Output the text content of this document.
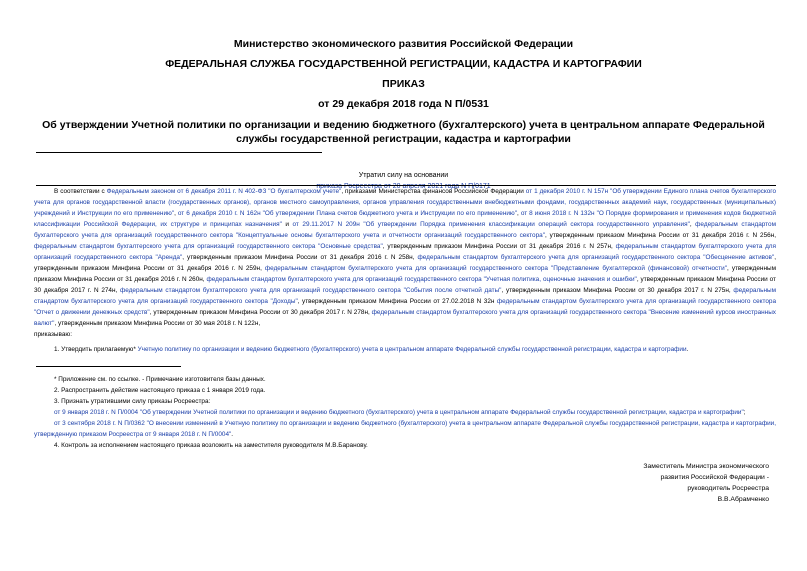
Министерство экономического развития Российской Федерации
ФЕДЕРАЛЬНАЯ СЛУЖБА ГОСУДАРСТВЕННОЙ РЕГИСТРАЦИИ, КАДАСТРА И КАРТОГРАФИИ
ПРИКАЗ
от 29 декабря 2018 года N П/0531
Об утверждении Учетной политики по организации и ведению бюджетного (бухгалтерского) учета в центральном аппарате Федеральной службы государственной регистрации, кадастра и картографии
Утратил силу на основании
приказа Росреестра от 20 апреля 2021 года N П/0171

В соответствии с Федеральным законом от 6 декабря 2011 г. N 402-ФЗ "О бухгалтерском учете", приказами Министерства финансов Российской Федерации от 1 декабря 2010 г. N 157н "Об утверждении Единого плана счетов бухгалтерского учета для органов государственной власти (государственных органов), органов местного самоуправления, органов управления государственными внебюджетными фондами, государственных академий наук, государственных (муниципальных) учреждений и Инструкции по его применению", от 6 декабря 2010 г. N 162н "Об утверждении Плана счетов бюджетного учета и Инструкции по его применению", от 8 июня 2018 г. N 132н "О Порядке формирования и применения кодов бюджетной классификации Российской Федерации, их структуре и принципах назначения" и от 29.11.2017 N 209н "Об утверждении Порядка применения классификации операций сектора государственного управления", федеральным стандартом бухгалтерского учета для организаций государственного сектора "Концептуальные основы бухгалтерского учета и отчетности организаций государственного сектора", утвержденным приказом Минфина России от 31 декабря 2016 г. N 256н, федеральным стандартом бухгалтерского учета для организаций государственного сектора "Основные средства", утвержденным приказом Минфина России от 31 декабря 2016 г. N 257н, федеральным стандартом бухгалтерского учета для организаций государственного сектора "Аренда", утвержденным приказом Минфина России от 31 декабря 2016 г. N 258н, федеральным стандартом бухгалтерского учета для организаций государственного сектора "Обесценение активов", утвержденным приказом Минфина России от 31 декабря 2016 г. N 259н, федеральным стандартом бухгалтерского учета для организаций государственного сектора "Представление бухгалтерской (финансовой) отчетности", утвержденным приказом Минфина России от 31 декабря 2016 г. N 260н, федеральным стандартом бухгалтерского учета для организаций государственного сектора "Учетная политика, оценочные значения и ошибки", утвержденным приказом Минфина России от 30 декабря 2017 г. N 274н, федеральным стандартом бухгалтерского учета для организаций государственного сектора "События после отчетной даты", утвержденным приказом Минфина России от 30 декабря 2017 г. N 275н, федеральным стандартом бухгалтерского учета для организаций государственного сектора "Доходы", утвержденным приказом Минфина России от 27.02.2018 N 32н федеральным стандартом бухгалтерского учета для организаций государственного сектора "Отчет о движении денежных средств", утвержденным приказом Минфина России от 30 декабря 2017 г. N 278н, федеральным стандартом бухгалтерского учета для организаций государственного сектора "Внесение изменений курсов иностранных валют", утвержденным приказом Минфина России от 30 мая 2018 г. N 122н,

приказываю:

1. Утвердить прилагаемую* Учетную политику по организации и ведению бюджетного (бухгалтерского) учета в центральном аппарате Федеральной службы государственной регистрации, кадастра и картографии.

* Приложение см. по ссылке. - Примечание изготовителя базы данных.

2. Распространить действие настоящего приказа с 1 января 2019 года.

3. Признать утратившими силу приказы Росреестра:

от 9 января 2018 г. N П/0004 "Об утверждении Учетной политики по организации и ведению бюджетного (бухгалтерского) учета в центральном аппарате Федеральной службы государственной регистрации, кадастра и картографии";

от 3 сентября 2018 г. N П/0362 "О внесении изменений в Учетную политику по организации и ведению бюджетного (бухгалтерского) учета в центральном аппарате Федеральной службы государственной регистрации, кадастра и картографии, утвержденную приказом Росреестра от 9 января 2018 г. N П/0004".

4. Контроль за исполнением настоящего приказа возложить на заместителя руководителя М.В.Баранову.

Заместитель Министра экономического
развития Российской Федерации -
руководитель Росреестра
В.В.Абрамченко
